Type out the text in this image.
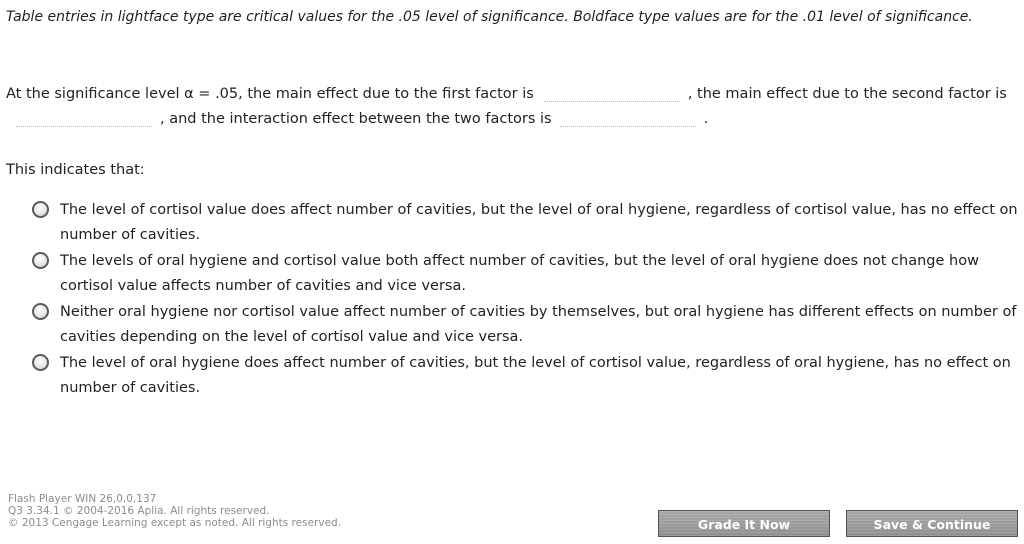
Table entries in lightface type are critical values for the .05 level of significance. Boldface type values are for the .01 level of significance.

At the significance level α = .05, the main effect due to the first factor is	, the main effect due to the second factor is, and the interaction effect between the two factors is	.

This indicates that:

The level of cortisol value does affect number of cavities, but the level of oral hygiene, regardless of cortisol value, has no effect on number of cavities.
The levels of oral hygiene and cortisol value both affect number of cavities, but the level of oral hygiene does not change how cortisol value affects number of cavities and vice versa.
Neither oral hygiene nor cortisol value affect number of cavities by themselves, but oral hygiene has different effects on number of cavities depending on the level of cortisol value and vice versa.
The level of oral hygiene does affect number of cavities, but the level of cortisol value, regardless of oral hygiene, has no effect on number of cavities.
Flash Player WIN 26,0,0,137
Q3 3.34.1 © 2004-2016 Aplia. All rights reserved.
© 2013 Cengage Learning except as noted. All rights reserved.	Grade It Now	Save & Continue
